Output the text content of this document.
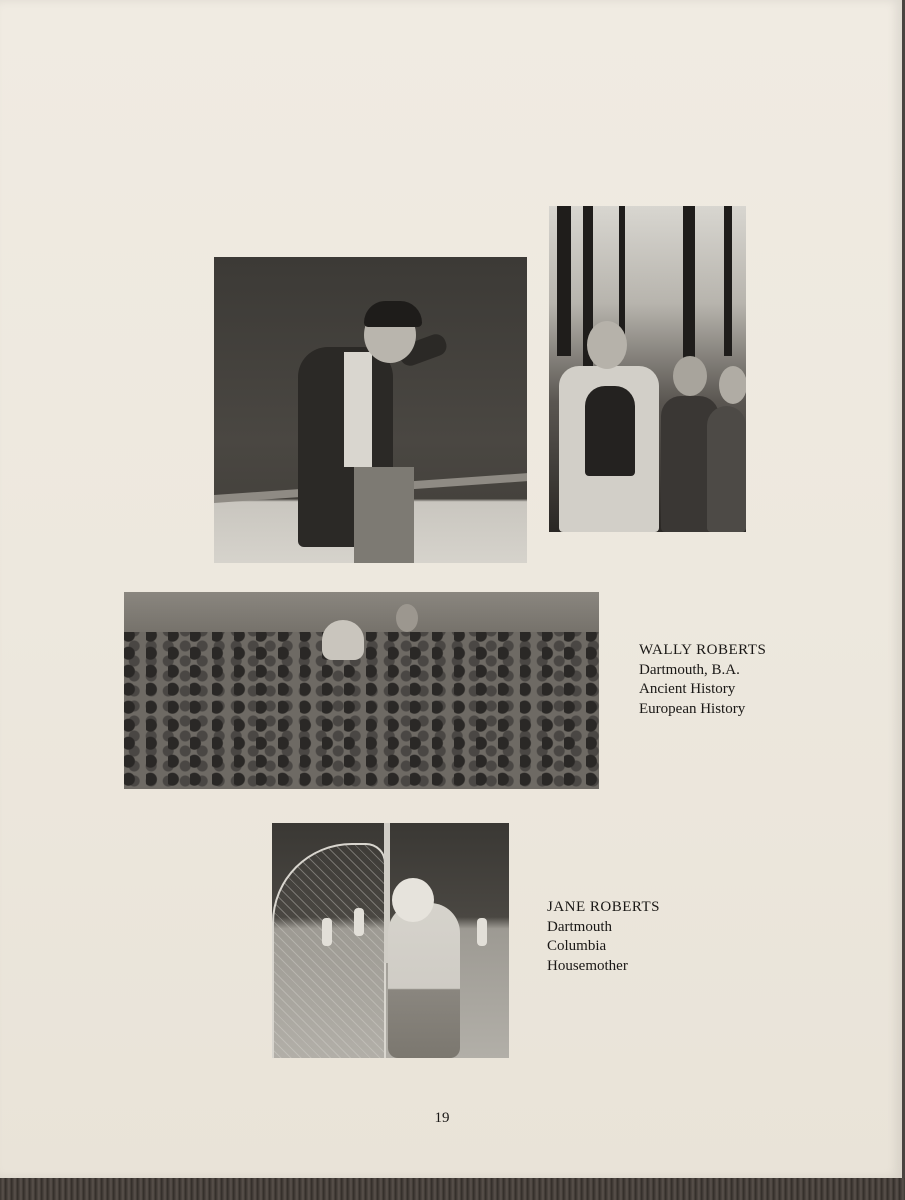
WALLY ROBERTS
Dartmouth, B.A.
Ancient History
European History
JANE ROBERTS
Dartmouth
Columbia
Housemother
19
